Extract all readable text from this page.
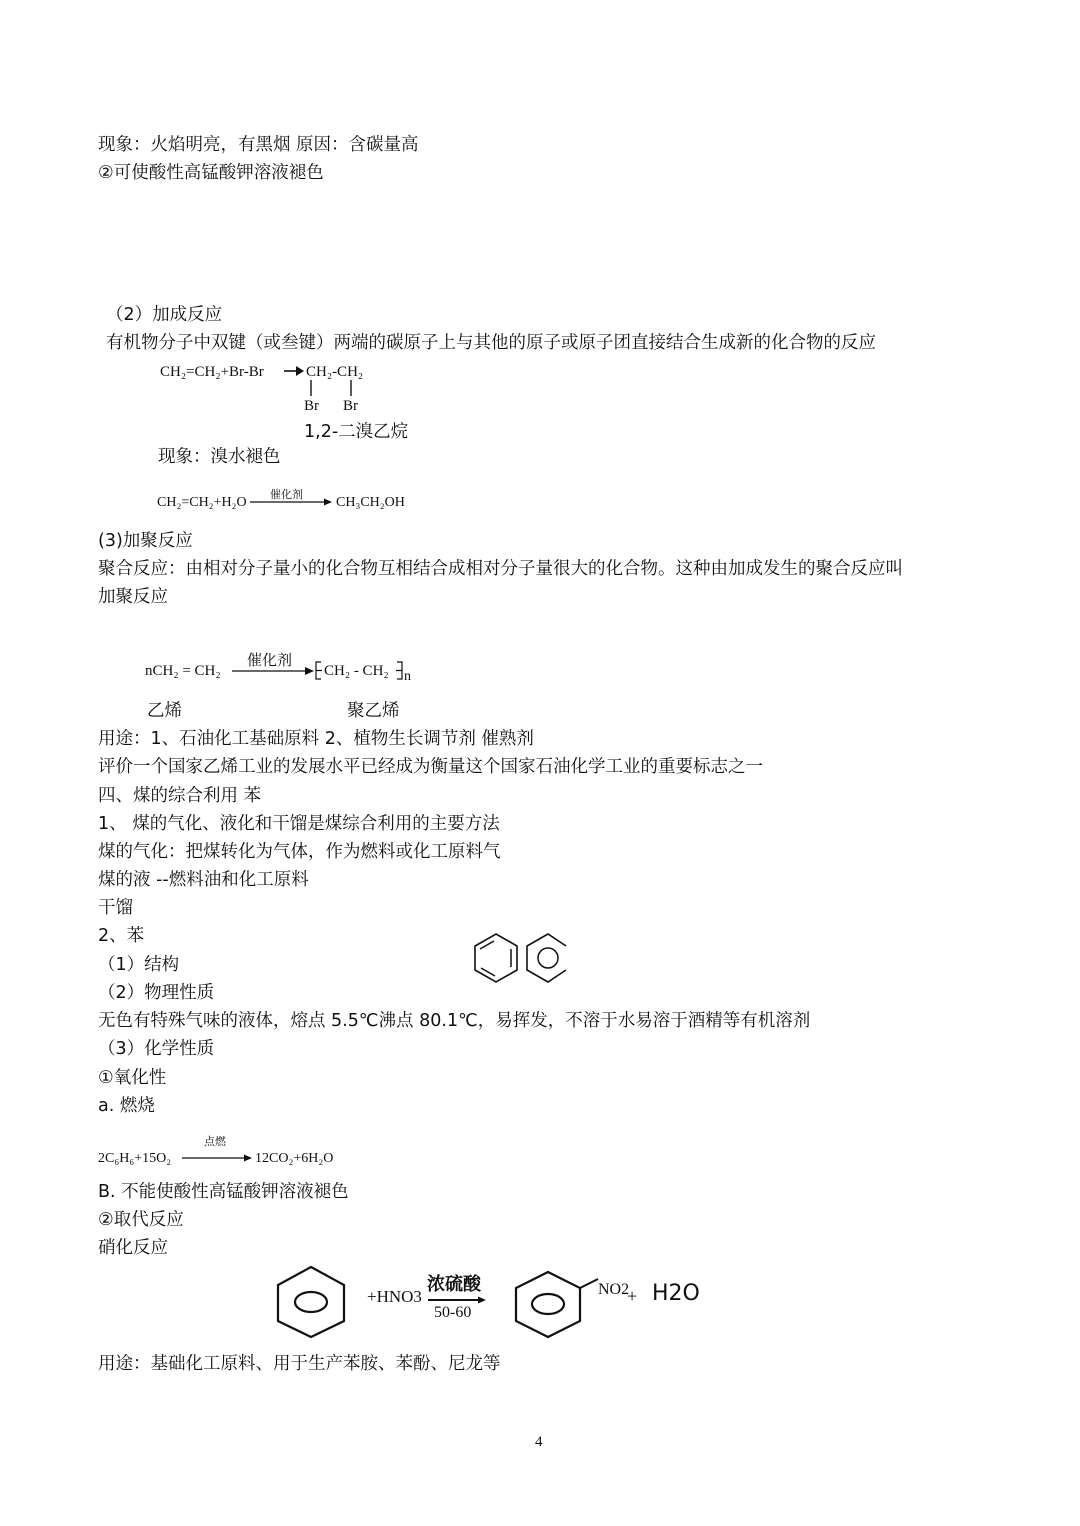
现象：火焰明亮，有黑烟 原因：含碳量高
②可使酸性高锰酸钾溶液褪色
（2）加成反应
有机物分子中双键（或叁键）两端的碳原子上与其他的原子或原子团直接结合生成新的化合物的反应
CH₂=CH₂+Br-Br	CH₂-CH₂
Br Br
1,2-二溴乙烷
现象：溴水褪色
CH₂=CH₂+H₂O
催化剂
CH₃CH₂OH
(3)加聚反应
聚合反应：由相对分子量小的化合物互相结合成相对分子量很大的化合物。这种由加成发生的聚合反应叫
加聚反应
nCH₂ = CH₂
催化剂
CH₂ - CH₂ n
乙烯	聚乙烯
用途：1、石油化工基础原料 2、植物生长调节剂 催熟剂
评价一个国家乙烯工业的发展水平已经成为衡量这个国家石油化学工业的重要标志之一
四、煤的综合利用 苯
1、 煤的气化、液化和干馏是煤综合利用的主要方法
煤的气化：把煤转化为气体，作为燃料或化工原料气
煤的液 --燃料油和化工原料
干馏
2、苯
（1）结构
（2）物理性质
无色有特殊气味的液体，熔点 5.5℃沸点 80.1℃，易挥发，不溶于水易溶于酒精等有机溶剂
（3）化学性质
①氧化性
a. 燃烧
点燃
2C₆H₆+15O₂	12CO₂+6H₂O
B. 不能使酸性高锰酸钾溶液褪色
②取代反应
硝化反应
+HNO3
浓硫酸
50-60
NO2
+ H2O
用途：基础化工原料、用于生产苯胺、苯酚、尼龙等
4
